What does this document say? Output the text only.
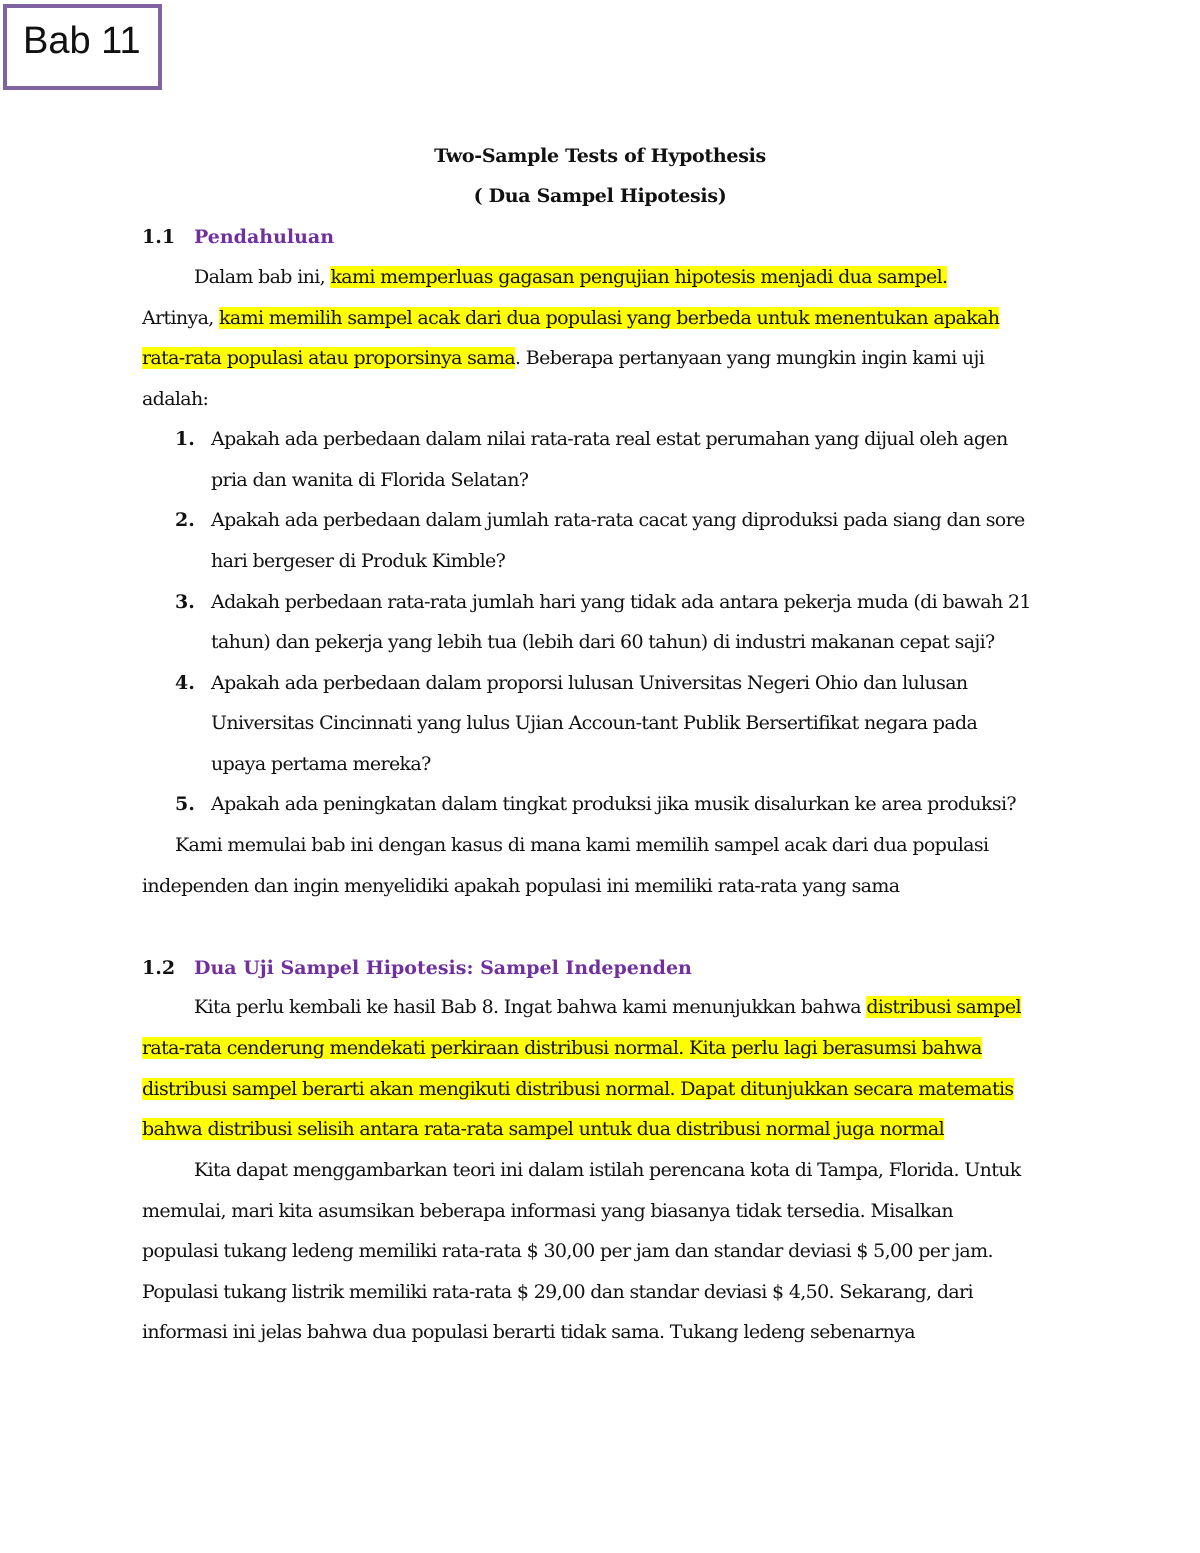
Bab 11
Two-Sample Tests of Hypothesis
( Dua Sampel Hipotesis)
1.1 Pendahuluan
Dalam bab ini, kami memperluas gagasan pengujian hipotesis menjadi dua sampel.
Artinya, kami memilih sampel acak dari dua populasi yang berbeda untuk menentukan apakah
rata-rata populasi atau proporsinya sama. Beberapa pertanyaan yang mungkin ingin kami uji
adalah:
1. Apakah ada perbedaan dalam nilai rata-rata real estat perumahan yang dijual oleh agen
pria dan wanita di Florida Selatan?
2. Apakah ada perbedaan dalam jumlah rata-rata cacat yang diproduksi pada siang dan sore
hari bergeser di Produk Kimble?
3. Adakah perbedaan rata-rata jumlah hari yang tidak ada antara pekerja muda (di bawah 21
tahun) dan pekerja yang lebih tua (lebih dari 60 tahun) di industri makanan cepat saji?
4. Apakah ada perbedaan dalam proporsi lulusan Universitas Negeri Ohio dan lulusan
Universitas Cincinnati yang lulus Ujian Accoun-tant Publik Bersertifikat negara pada
upaya pertama mereka?
5. Apakah ada peningkatan dalam tingkat produksi jika musik disalurkan ke area produksi?
Kami memulai bab ini dengan kasus di mana kami memilih sampel acak dari dua populasi
independen dan ingin menyelidiki apakah populasi ini memiliki rata-rata yang sama
1.2 Dua Uji Sampel Hipotesis: Sampel Independen
Kita perlu kembali ke hasil Bab 8. Ingat bahwa kami menunjukkan bahwa distribusi sampel
rata-rata cenderung mendekati perkiraan distribusi normal. Kita perlu lagi berasumsi bahwa
distribusi sampel berarti akan mengikuti distribusi normal. Dapat ditunjukkan secara matematis
bahwa distribusi selisih antara rata-rata sampel untuk dua distribusi normal juga normal
Kita dapat menggambarkan teori ini dalam istilah perencana kota di Tampa, Florida. Untuk
memulai, mari kita asumsikan beberapa informasi yang biasanya tidak tersedia. Misalkan
populasi tukang ledeng memiliki rata-rata $ 30,00 per jam dan standar deviasi $ 5,00 per jam.
Populasi tukang listrik memiliki rata-rata $ 29,00 dan standar deviasi $ 4,50. Sekarang, dari
informasi ini jelas bahwa dua populasi berarti tidak sama. Tukang ledeng sebenarnya
